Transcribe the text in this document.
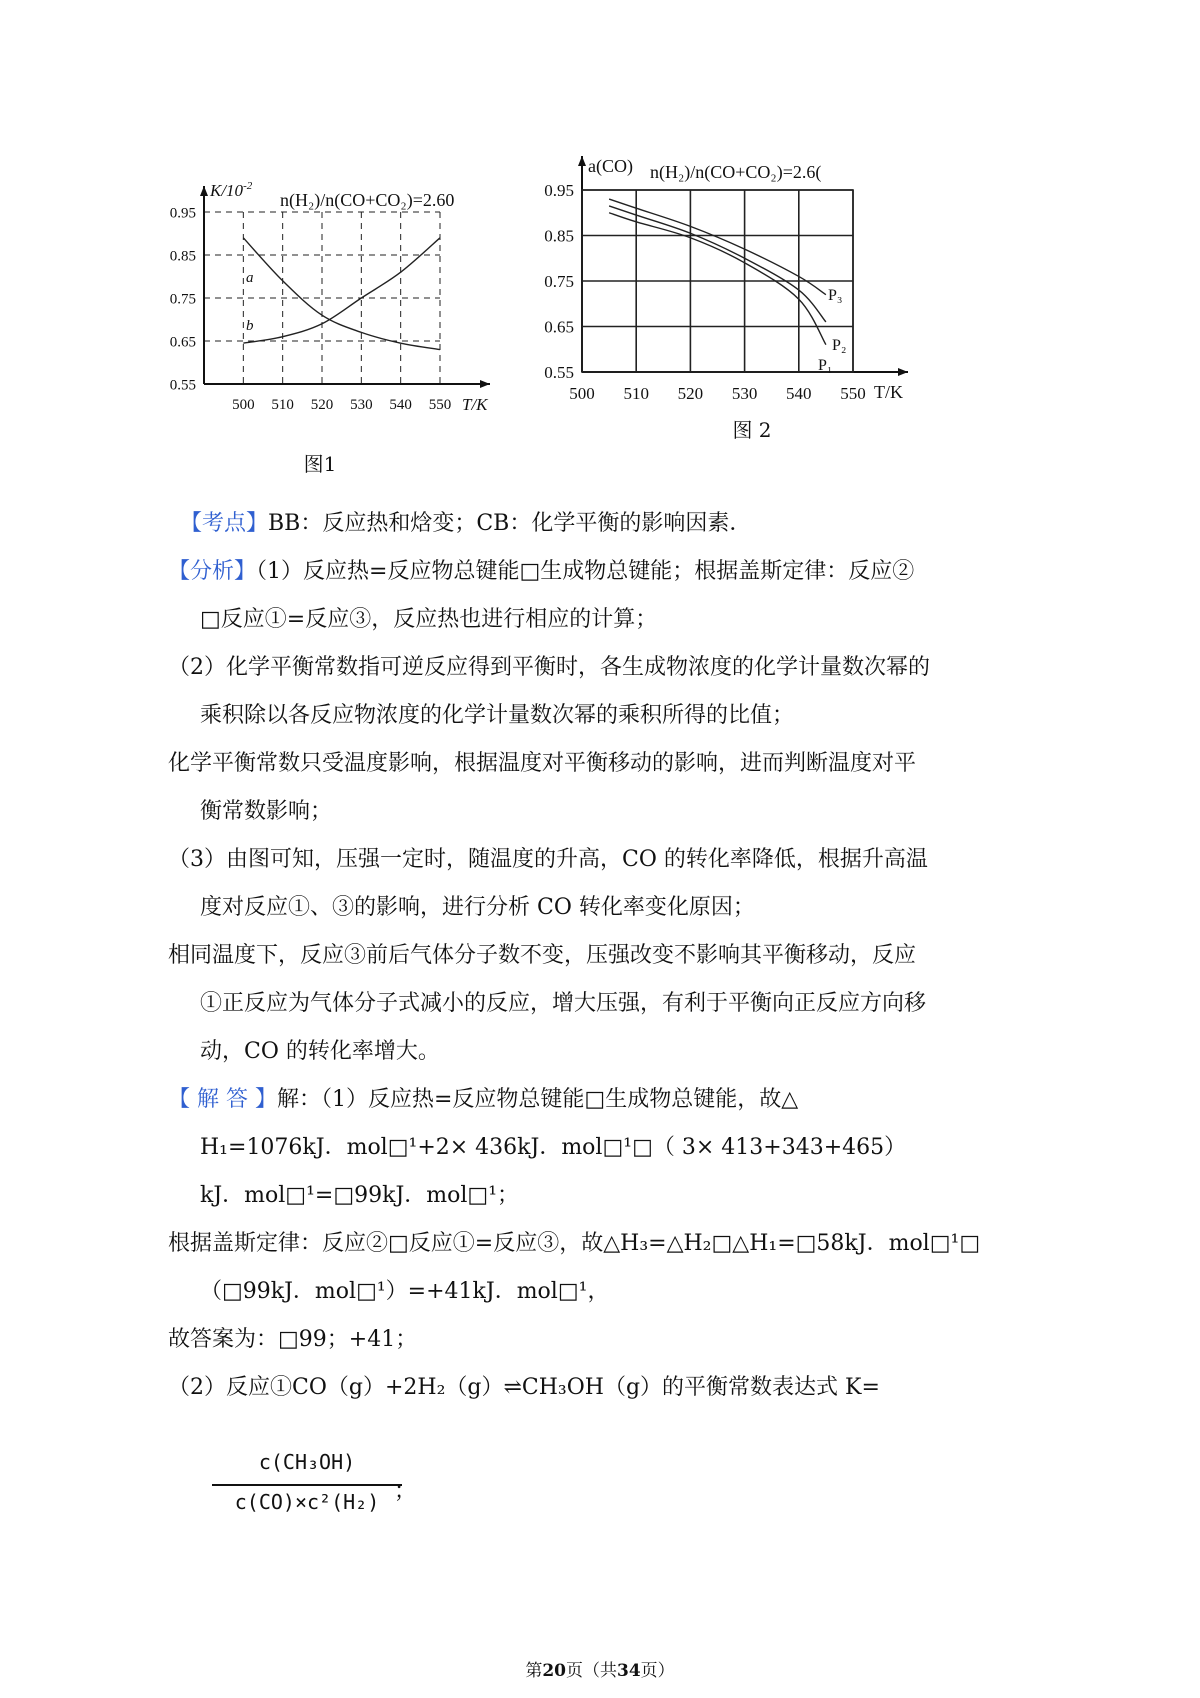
500 510 520 530 540 550
0.55
0.65
0.75
0.85
0.95
$K/10^{-2}$
n(H₂)/n(CO+CO₂)=2.60
T/K
a
b
图1
500 510 520 530 540 550
0.55
0.65
0.75
0.85
0.95
a(CO) n(H₂)/n(CO+CO₂)=2.6(
T/K
P₃
P₂
P₁
图 2
【考点】BB：反应热和焓变；CB：化学平衡的影响因素．
【分析】（1）反应热=反应物总键能□生成物总键能；根据盖斯定律：反应②
□反应①=反应③，反应热也进行相应的计算；
（2）化学平衡常数指可逆反应得到平衡时，各生成物浓度的化学计量数次幂的
乘积除以各反应物浓度的化学计量数次幂的乘积所得的比值；
化学平衡常数只受温度影响，根据温度对平衡移动的影响，进而判断温度对平
衡常数影响；
（3）由图可知，压强一定时，随温度的升高，CO 的转化率降低，根据升高温
度对反应①、③的影响，进行分析 CO 转化率变化原因；
相同温度下，反应③前后气体分子数不变，压强改变不影响其平衡移动，反应
①正反应为气体分子式减小的反应，增大压强，有利于平衡向正反应方向移
动，CO 的转化率增大。
【 解 答 】解：（1）反应热=反应物总键能□生成物总键能，故△
H₁=1076kJ．mol□¹+2× 436kJ．mol□¹□（ 3× 413+343+465）
kJ．mol□¹=□99kJ．mol□¹；
根据盖斯定律：反应②□反应①=反应③，故△H₃=△H₂□△H₁=□58kJ．mol□¹□
（□99kJ．mol□¹）=+41kJ．mol□¹，
故答案为：□99；+41；
（2）反应①CO（g）+2H₂（g）⇌CH₃OH（g）的平衡常数表达式 K=
c(CH₃OH)
c(CO)×c²(H₂) ；
第20页（共34页）
